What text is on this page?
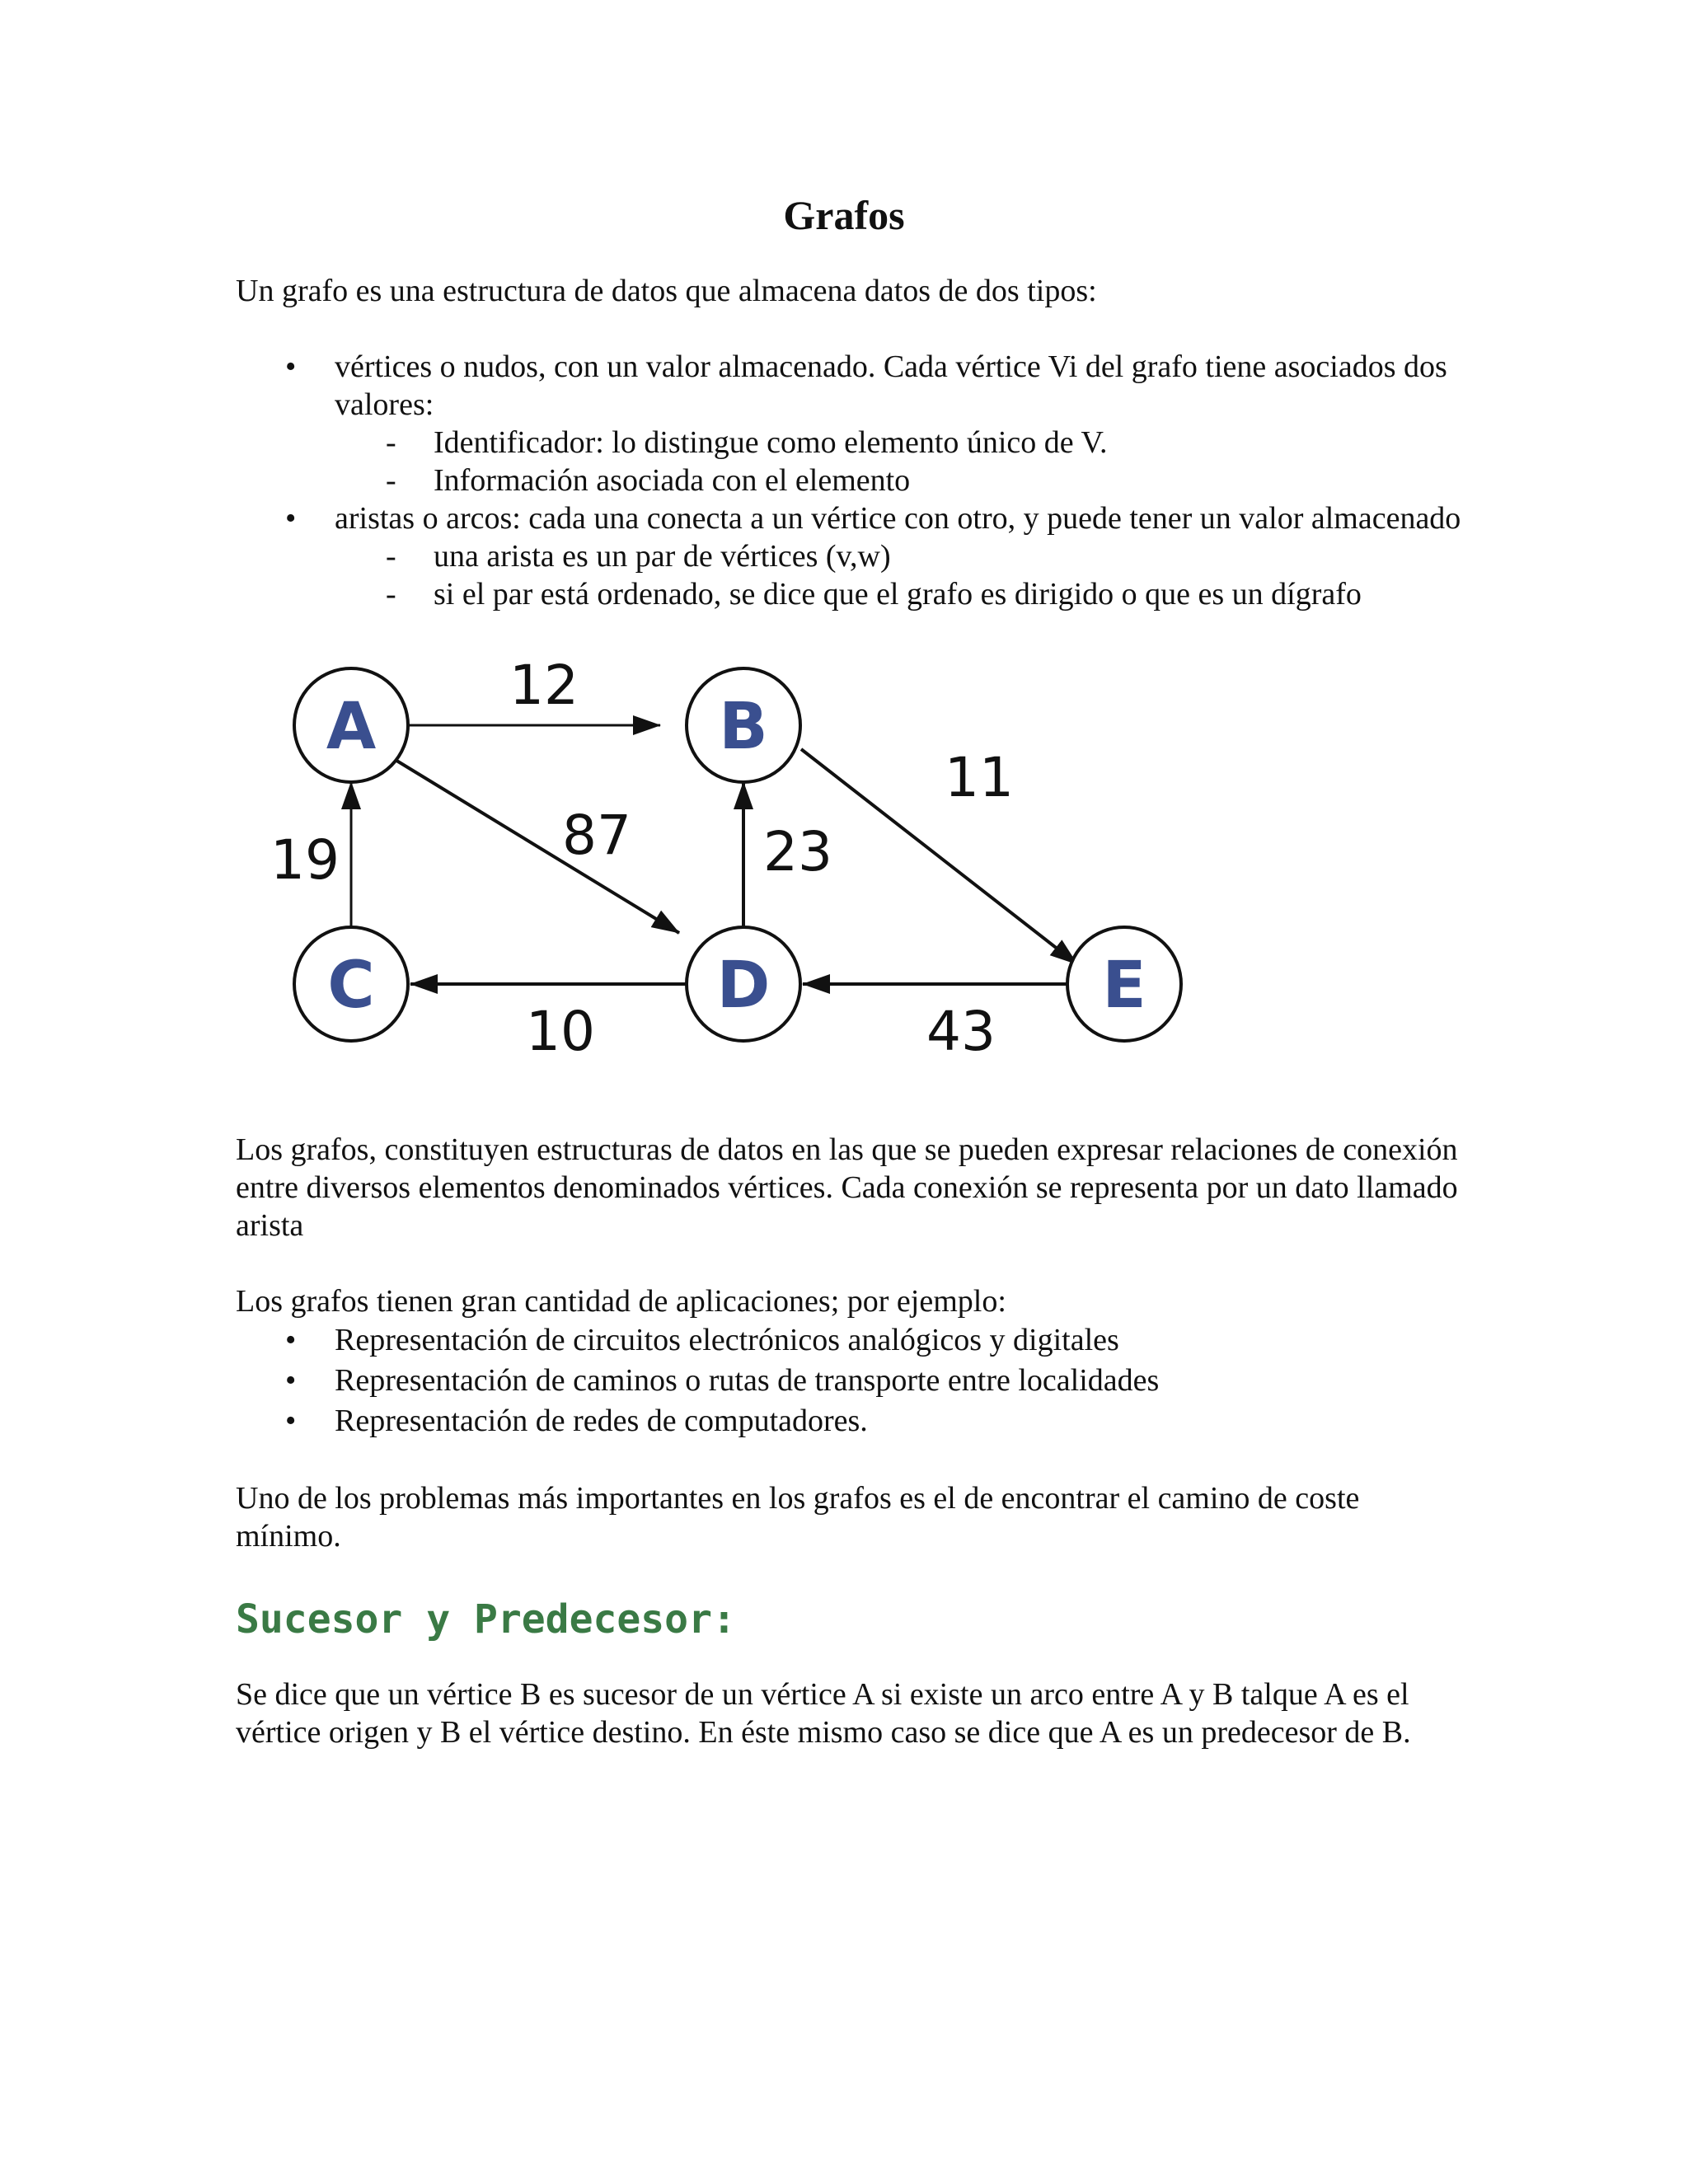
Grafos

Un grafo es una estructura de datos que almacena datos de dos tipos:

• vértices o nudos, con un valor almacenado. Cada vértice Vi del grafo tiene asociados dos valores:
- Identificador: lo distingue como elemento único de V.
- Información asociada con el elemento
• aristas o arcos: cada una conecta a un vértice con otro, y puede tener un valor almacenado
- una arista es un par de vértices (v,w)
- si el par está ordenado, se dice que el grafo es dirigido o que es un dígrafo
A	B
C	D	E
12
87
11
19	23
10	43

Los grafos, constituyen estructuras de datos en las que se pueden expresar relaciones de conexión entre diversos elementos denominados vértices. Cada conexión se representa por un dato llamado arista

Los grafos tienen gran cantidad de aplicaciones; por ejemplo:

• Representación de circuitos electrónicos analógicos y digitales
• Representación de caminos o rutas de transporte entre localidades
• Representación de redes de computadores.

Uno de los problemas más importantes en los grafos es el de encontrar el camino de coste mínimo.

Sucesor y Predecesor:

Se dice que un vértice B es sucesor de un vértice A si existe un arco entre A y B talque A es el vértice origen y B el vértice destino. En éste mismo caso se dice que A es un predecesor de B.
